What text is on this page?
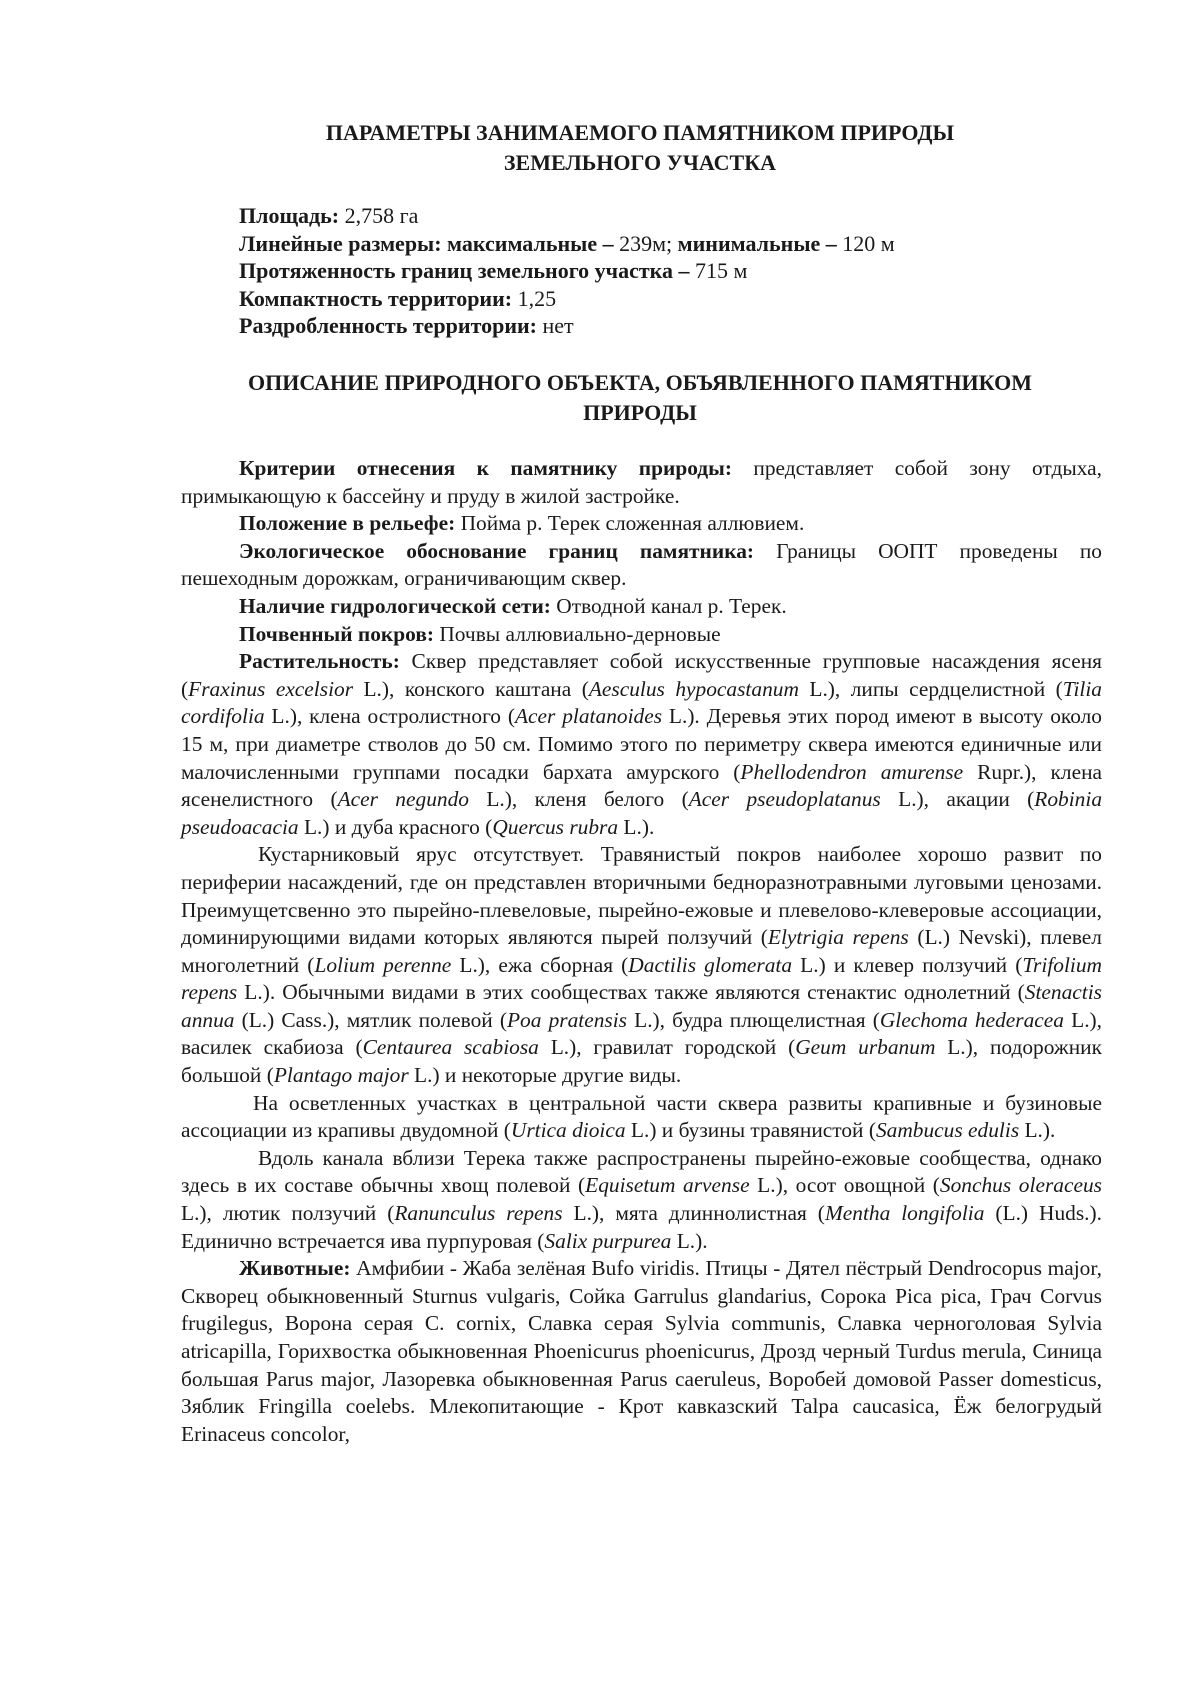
ПАРАМЕТРЫ ЗАНИМАЕМОГО ПАМЯТНИКОМ ПРИРОДЫ
ЗЕМЕЛЬНОГО УЧАСТКА
Площадь: 2,758 га
Линейные размеры: максимальные – 239м; минимальные – 120 м
Протяженность границ земельного участка – 715 м
Компактность территории: 1,25
Раздробленность территории: нет
ОПИСАНИЕ ПРИРОДНОГО ОБЪЕКТА, ОБЪЯВЛЕННОГО ПАМЯТНИКОМ
ПРИРОДЫ

Критерии отнесения к памятнику природы: представляет собой зону отдыха, примыкающую к бассейну и пруду в жилой застройке.

Положение в рельефе: Пойма р. Терек сложенная аллювием.

Экологическое обоснование границ памятника: Границы ООПТ проведены по пешеходным дорожкам, ограничивающим сквер.

Наличие гидрологической сети: Отводной канал р. Терек.

Почвенный покров: Почвы аллювиально-дерновые

Растительность: Сквер представляет собой искусственные групповые насаждения ясеня (Fraxinus excelsior L.), конского каштана (Aesculus hypocastanum L.), липы сердцелистной (Tilia cordifolia L.), клена остролистного (Acer platanoides L.). Деревья этих пород имеют в высоту около 15 м, при диаметре стволов до 50 см. Помимо этого по периметру сквера имеются единичные или малочисленными группами посадки бархата амурского (Phellodendron amurense Rupr.), клена ясенелистного (Acer negundo L.), кленя белого (Acer pseudoplatanus L.), акации (Robinia pseudoacacia L.) и дуба красного (Quercus rubra L.).

Кустарниковый ярус отсутствует. Травянистый покров наиболее хорошо развит по периферии насаждений, где он представлен вторичными бедноразнотравными луговыми ценозами. Преимущетсвенно это пырейно-плевеловые, пырейно-ежовые и плевелово-клеверовые ассоциации, доминирующими видами которых являются пырей ползучий (Elytrigia repens (L.) Nevski), плевел многолетний (Lolium perenne L.), ежа сборная (Dactilis glomerata L.) и клевер ползучий (Trifolium repens L.). Обычными видами в этих сообществах также являются стенактис однолетний (Stenactis annua (L.) Cass.), мятлик полевой (Poa pratensis L.), будра плющелистная (Glechoma hederacea L.), василек скабиоза (Centaurea scabiosa L.), гравилат городской (Geum urbanum L.), подорожник большой (Plantago major L.) и некоторые другие виды.

На осветленных участках в центральной части сквера развиты крапивные и бузиновые ассоциации из крапивы двудомной (Urtica dioica L.) и бузины травянистой (Sambucus edulis L.).

Вдоль канала вблизи Терека также распространены пырейно-ежовые сообщества, однако здесь в их составе обычны хвощ полевой (Equisetum arvense L.), осот овощной (Sonchus oleraceus L.), лютик ползучий (Ranunculus repens L.), мята длиннолистная (Mentha longifolia (L.) Huds.). Единично встречается ива пурпуровая (Salix purpurea L.).

Животные: Амфибии - Жаба зелёная Bufo viridis. Птицы - Дятел пёстрый Dendrocopus major, Скворец обыкновенный Sturnus vulgaris, Сойка Garrulus glandarius, Сорока Pica pica, Грач Corvus frugilegus, Ворона серая C. cornix, Славка серая Sylvia communis, Славка черноголовая Sylvia atricapilla, Горихвостка обыкновенная Phoenicurus phoenicurus, Дрозд черный Turdus merula, Синица большая Parus major, Лазоревка обыкновенная Parus caeruleus, Воробей домовой Passer domesticus, Зяблик Fringilla coelebs. Млекопитающие - Крот кавказский Talpa caucasica, Ёж белогрудый Erinaceus concolor,
